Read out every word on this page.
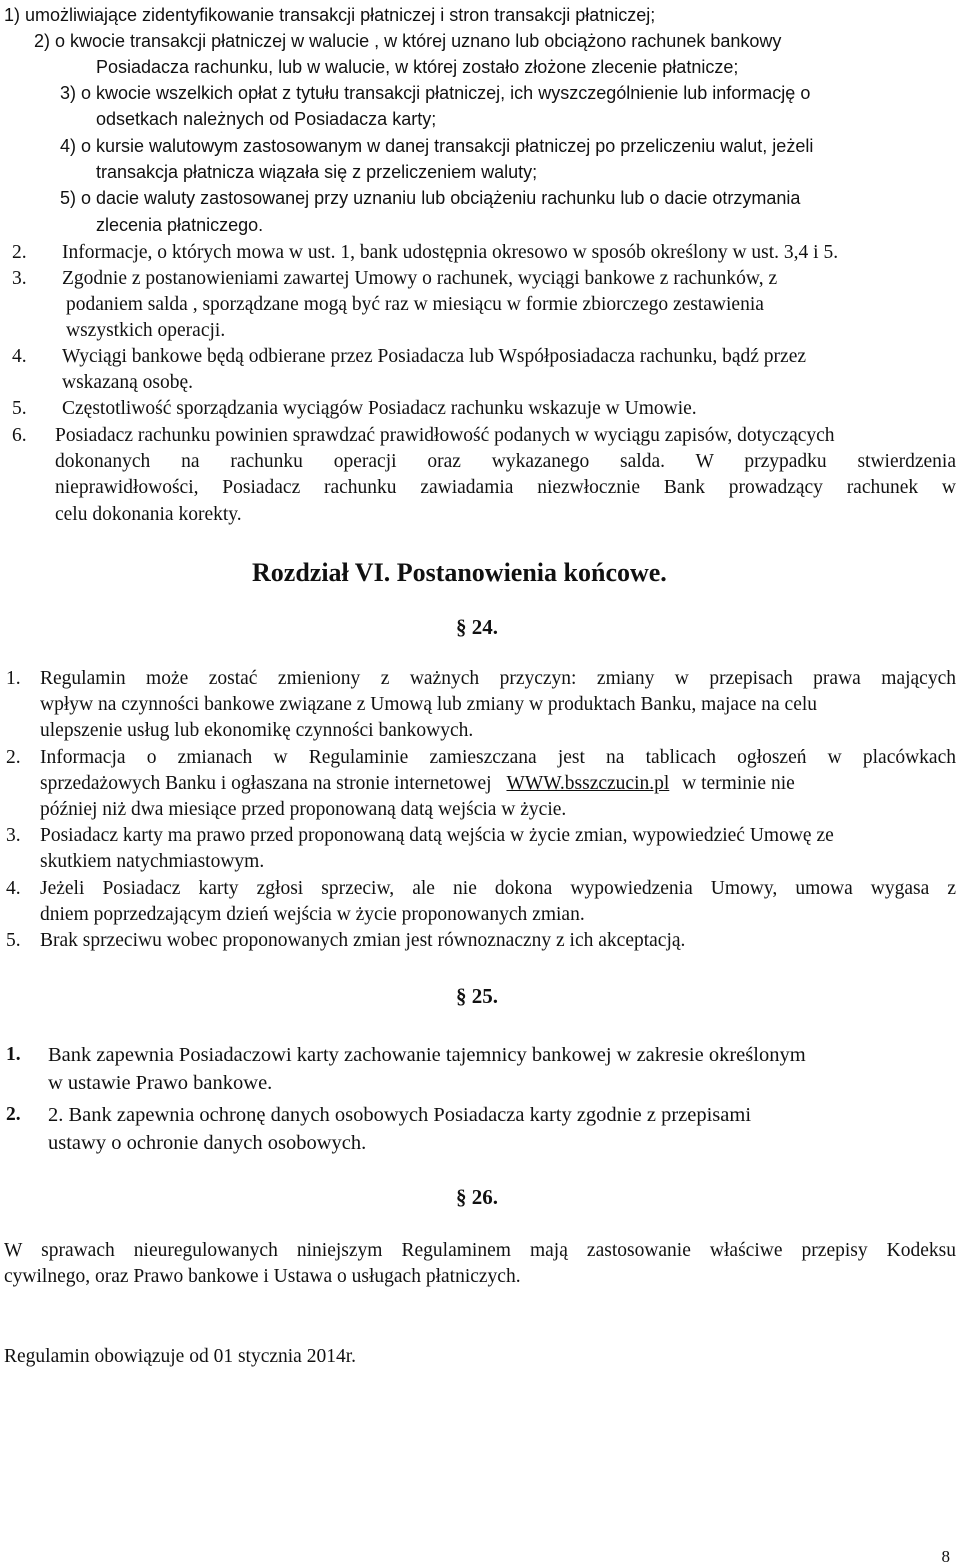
1) umożliwiające zidentyfikowanie transakcji płatniczej i stron transakcji płatniczej;
2) o kwocie transakcji płatniczej w walucie , w której uznano lub obciążono rachunek bankowy
Posiadacza rachunku, lub w walucie, w której zostało złożone zlecenie płatnicze;
3) o kwocie wszelkich opłat z tytułu transakcji płatniczej, ich wyszczególnienie lub informację o
odsetkach należnych od Posiadacza karty;
4) o kursie walutowym zastosowanym w danej transakcji płatniczej po przeliczeniu walut, jeżeli
transakcja płatnicza wiązała się z przeliczeniem waluty;
5) o dacie waluty zastosowanej przy uznaniu lub obciążeniu rachunku lub o dacie otrzymania
zlecenia płatniczego.
2. Informacje, o których mowa w ust. 1, bank udostępnia okresowo w sposób określony w ust. 3,4 i 5.
3. Zgodnie z postanowieniami zawartej Umowy o rachunek, wyciągi bankowe z rachunków, z
podaniem salda , sporządzane mogą być raz w miesiącu w formie zbiorczego zestawienia
wszystkich operacji.
4. Wyciągi bankowe będą odbierane przez Posiadacza lub Współposiadacza rachunku, bądź przez
wskazaną osobę.
5. Częstotliwość sporządzania wyciągów Posiadacz rachunku wskazuje w Umowie.
6. Posiadacz rachunku powinien sprawdzać prawidłowość podanych w wyciągu zapisów, dotyczących
dokonanych na rachunku operacji oraz wykazanego salda. W przypadku stwierdzenia
nieprawidłowości, Posiadacz rachunku zawiadamia niezwłocznie Bank prowadzący rachunek w
celu dokonania korekty.
Rozdział VI. Postanowienia końcowe.
§ 24.
1. Regulamin może zostać zmieniony z ważnych przyczyn: zmiany w przepisach prawa mających
wpływ na czynności bankowe związane z Umową lub zmiany w produktach Banku, majace na celu
ulepszenie usług lub ekonomikę czynności bankowych.
2. Informacja o zmianach w Regulaminie zamieszczana jest na tablicach ogłoszeń w placówkach
sprzedażowych Banku i ogłaszana na stronie internetowej WWW.bsszczucin.pl w terminie nie
później niż dwa miesiące przed proponowaną datą wejścia w życie.
3. Posiadacz karty ma prawo przed proponowaną datą wejścia w życie zmian, wypowiedzieć Umowę ze
skutkiem natychmiastowym.
4. Jeżeli Posiadacz karty zgłosi sprzeciw, ale nie dokona wypowiedzenia Umowy, umowa wygasa z
dniem poprzedzającym dzień wejścia w życie proponowanych zmian.
5. Brak sprzeciwu wobec proponowanych zmian jest równoznaczny z ich akceptacją.
§ 25.
1. Bank zapewnia Posiadaczowi karty zachowanie tajemnicy bankowej w zakresie określonym
w ustawie Prawo bankowe.
2. 2. Bank zapewnia ochronę danych osobowych Posiadacza karty zgodnie z przepisami
ustawy o ochronie danych osobowych.
§ 26.
W sprawach nieuregulowanych niniejszym Regulaminem mają zastosowanie właściwe przepisy Kodeksu
cywilnego, oraz Prawo bankowe i Ustawa o usługach płatniczych.
Regulamin obowiązuje od 01 stycznia 2014r.
8
